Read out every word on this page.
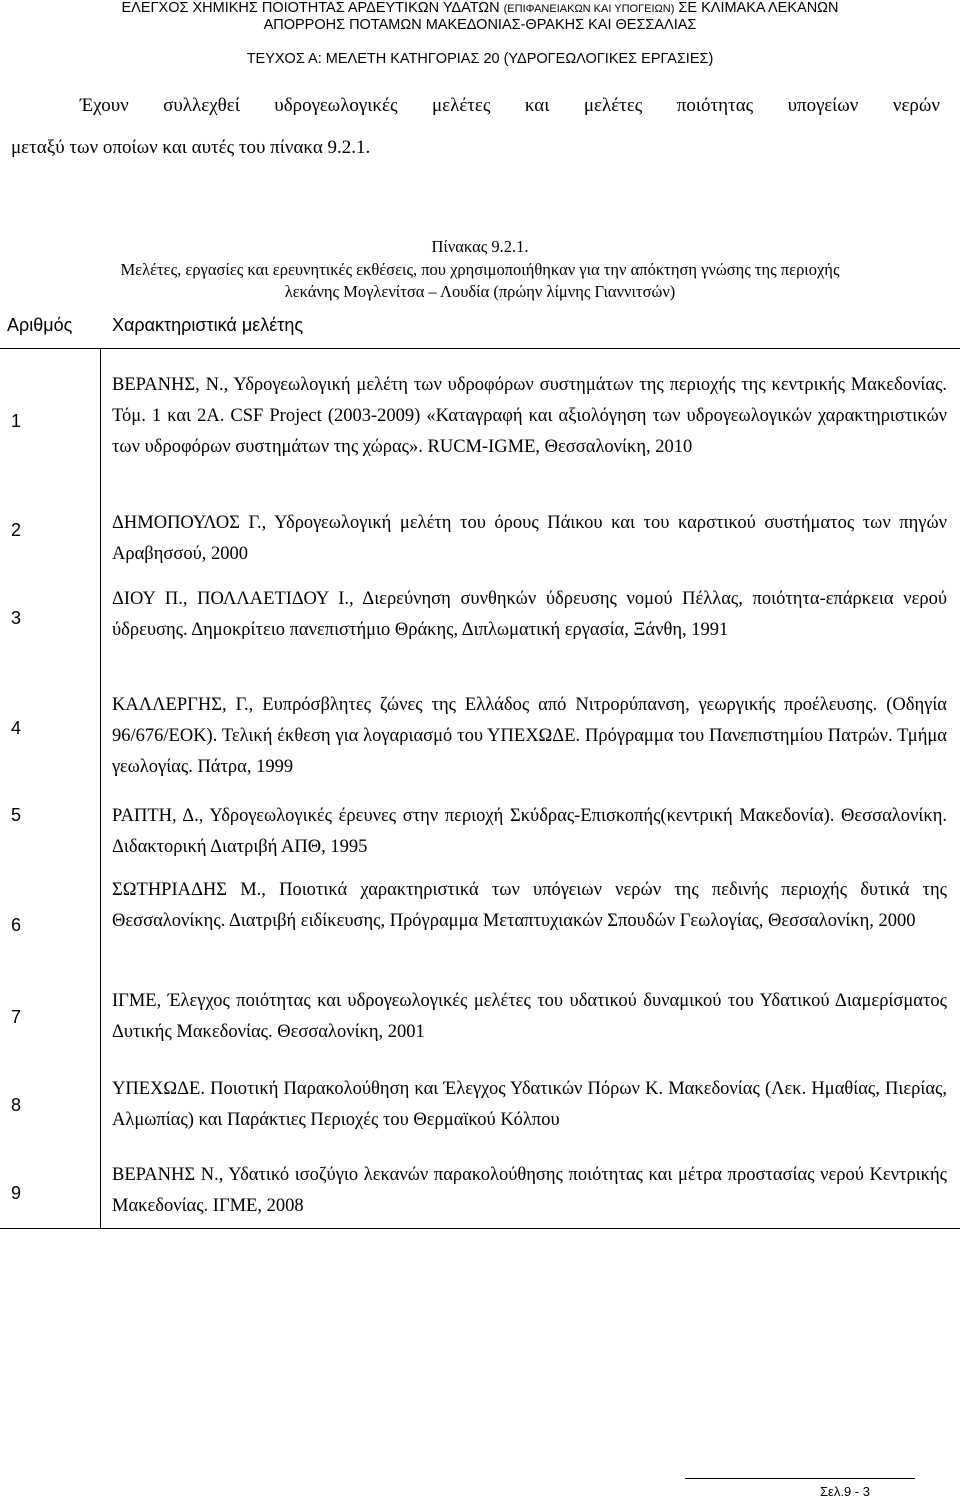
ΕΛΕΓΧΟΣ ΧΗΜΙΚΗΣ ΠΟΙΟΤΗΤΑΣ ΑΡΔΕΥΤΙΚΩΝ ΥΔΑΤΩΝ (ΕΠΙΦΑΝΕΙΑΚΩΝ ΚΑΙ ΥΠΟΓΕΙΩΝ) ΣΕ ΚΛΙΜΑΚΑ ΛΕΚΑΝΩΝ
ΑΠΟΡΡΟΗΣ ΠΟΤΑΜΩΝ ΜΑΚΕΔΟΝΙΑΣ-ΘΡΑΚΗΣ ΚΑΙ ΘΕΣΣΑΛΙΑΣ
ΤΕΥΧΟΣ Α: ΜΕΛΕΤΗ ΚΑΤΗΓΟΡΙΑΣ 20 (ΥΔΡΟΓΕΩΛΟΓΙΚΕΣ ΕΡΓΑΣΙΕΣ)
Έχουν συλλεχθεί υδρογεωλογικές μελέτες και μελέτες ποιότητας υπογείων νερών
μεταξύ των οποίων και αυτές του πίνακα 9.2.1.
Πίνακας 9.2.1.
Μελέτες, εργασίες και ερευνητικές εκθέσεις, που χρησιμοποιήθηκαν για την απόκτηση γνώσης της περιοχής
λεκάνης Μογλενίτσα – Λουδία (πρώην λίμνης Γιαννιτσών)
Αριθμός Χαρακτηριστικά μελέτης
1
ΒΕΡΑΝΗΣ, Ν., Υδρογεωλογική μελέτη των υδροφόρων συστημάτων της περιοχής της κεντρικής Μακεδονίας. Τόμ. 1 και 2Α. CSF Project (2003-2009) «Καταγραφή και αξιολόγηση των υδρογεωλογικών χαρακτηριστικών των υδροφόρων συστημάτων της χώρας». RUCM-IGME, Θεσσαλονίκη, 2010
2	ΔΗΜΟΠΟΥΛΟΣ Γ., Υδρογεωλογική μελέτη του όρους Πάικου και του καρστικού συστήματος των πηγών Αραβησσού, 2000
3
ΔΙΟΥ Π., ΠΟΛΛΑΕΤΙΔΟΥ Ι., Διερεύνηση συνθηκών ύδρευσης νομού Πέλλας, ποιότητα-επάρκεια νερού ύδρευσης. Δημοκρίτειο πανεπιστήμιο Θράκης, Διπλωματική εργασία, Ξάνθη, 1991
4
ΚΑΛΛΕΡΓΗΣ, Γ., Ευπρόσβλητες ζώνες της Ελλάδος από Νιτρορύπανση, γεωργικής προέλευσης. (Οδηγία 96/676/ΕΟΚ). Τελική έκθεση για λογαριασμό του ΥΠΕΧΩΔΕ. Πρόγραμμα του Πανεπιστημίου Πατρών. Τμήμα γεωλογίας. Πάτρα, 1999
5	ΡΑΠΤΗ, Δ., Υδρογεωλογικές έρευνες στην περιοχή Σκύδρας-Επισκοπής(κεντρική Μακεδονία). Θεσσαλονίκη. Διδακτορική Διατριβή ΑΠΘ, 1995
6
ΣΩΤΗΡΙΑΔΗΣ Μ., Ποιοτικά χαρακτηριστικά των υπόγειων νερών της πεδινής περιοχής δυτικά της Θεσσαλονίκης. Διατριβή ειδίκευσης, Πρόγραμμα Μεταπτυχιακών Σπουδών Γεωλογίας, Θεσσαλονίκη, 2000
7
ΙΓΜΕ, Έλεγχος ποιότητας και υδρογεωλογικές μελέτες του υδατικού δυναμικού του Υδατικού Διαμερίσματος Δυτικής Μακεδονίας. Θεσσαλονίκη, 2001
8
ΥΠΕΧΩΔΕ. Ποιοτική Παρακολούθηση και Έλεγχος Υδατικών Πόρων Κ. Μακεδονίας (Λεκ. Ημαθίας, Πιερίας, Αλμωπίας) και Παράκτιες Περιοχές του Θερμαϊκού Κόλπου
9
ΒΕΡΑΝΗΣ Ν., Υδατικό ισοζύγιο λεκανών παρακολούθησης ποιότητας και μέτρα προστασίας νερού Κεντρικής Μακεδονίας. ΙΓΜΕ, 2008
Σελ.9 - 3
